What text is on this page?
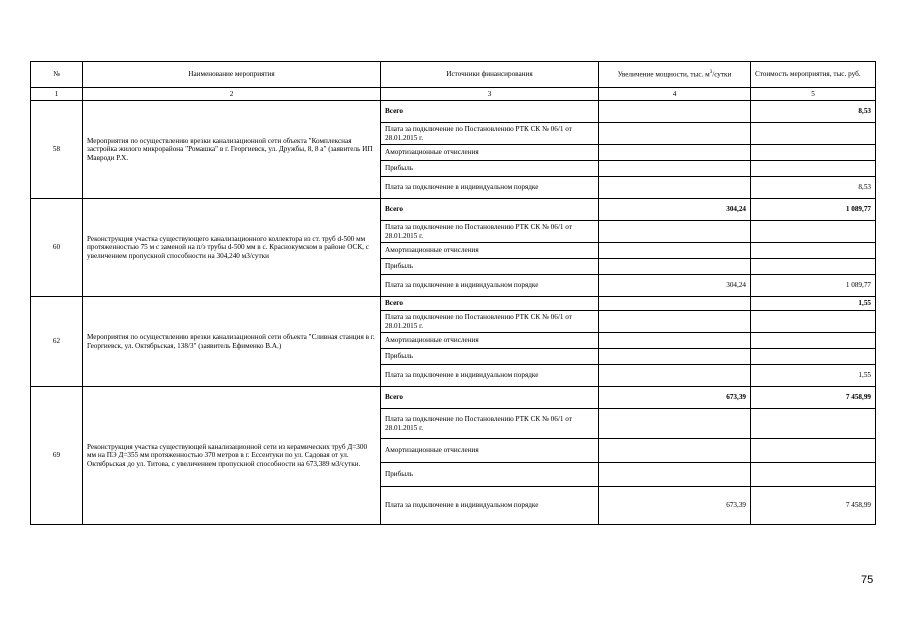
№	Наименование мероприятия	Источники финансирования	Увеличение мощности, тыс. $м^3$/сутки	Стоимость мероприятия, тыс. руб.
1	2	3	4	5
58	Мероприятия по осуществлению врезки канализационной сети объекта "Комплексная застройка жилого микрорайона "Ромашка" в г. Георгиевск, ул. Дружбы, 8, 8 а" (заявитель ИП Мавроди Р.Х.	Всего		8,53
		Плата за подключение по Постановлению РТК СК № 06/1 от 28.01.2015 г.		
		Амортизационные отчисления		
		Прибыль		
		Плата за подключение в индивидуальном порядке		8,53
60	Реконструкция участка существующего канализационного коллектора из ст. труб d-500 мм протяженностью 75 м с заменой на п/э трубы d-500 мм в с. Краснокумском в районе ОСК, с увеличением пропускной способности на 304,240 м3/сутки	Всего	304,24	1 089,77
		Плата за подключение по Постановлению РТК СК № 06/1 от 28.01.2015 г.		
		Амортизационные отчисления		
		Прибыль		
		Плата за подключение в индивидуальном порядке	304,24	1 089,77
62	Мероприятия по осуществлению врезки канализационной сети объекта "Сливная станция в г. Георгиевск, ул. Октябрьская, 138/3" (заявитель Ефименко В.А.)	Всего		1,55
		Плата за подключение по Постановлению РТК СК № 06/1 от 28.01.2015 г.		
		Амортизационные отчисления		
		Прибыль		
		Плата за подключение в индивидуальном порядке		1,55
69	Реконструкция участка существующей канализационной сети из керамических труб Д=300 мм на ПЭ Д=355 мм протяженностью 370 метров в г. Ессентуки по ул. Садовая от ул. Октябрьская до ул. Титова, с увеличением пропускной способности на 673,389 м3/сутки.	Всего	673,39	7 458,99
		Плата за подключение по Постановлению РТК СК № 06/1 от 28.01.2015 г.		
		Амортизационные отчисления		
		Прибыль		
		Плата за подключение в индивидуальном порядке	673,39	7 458,99
75
